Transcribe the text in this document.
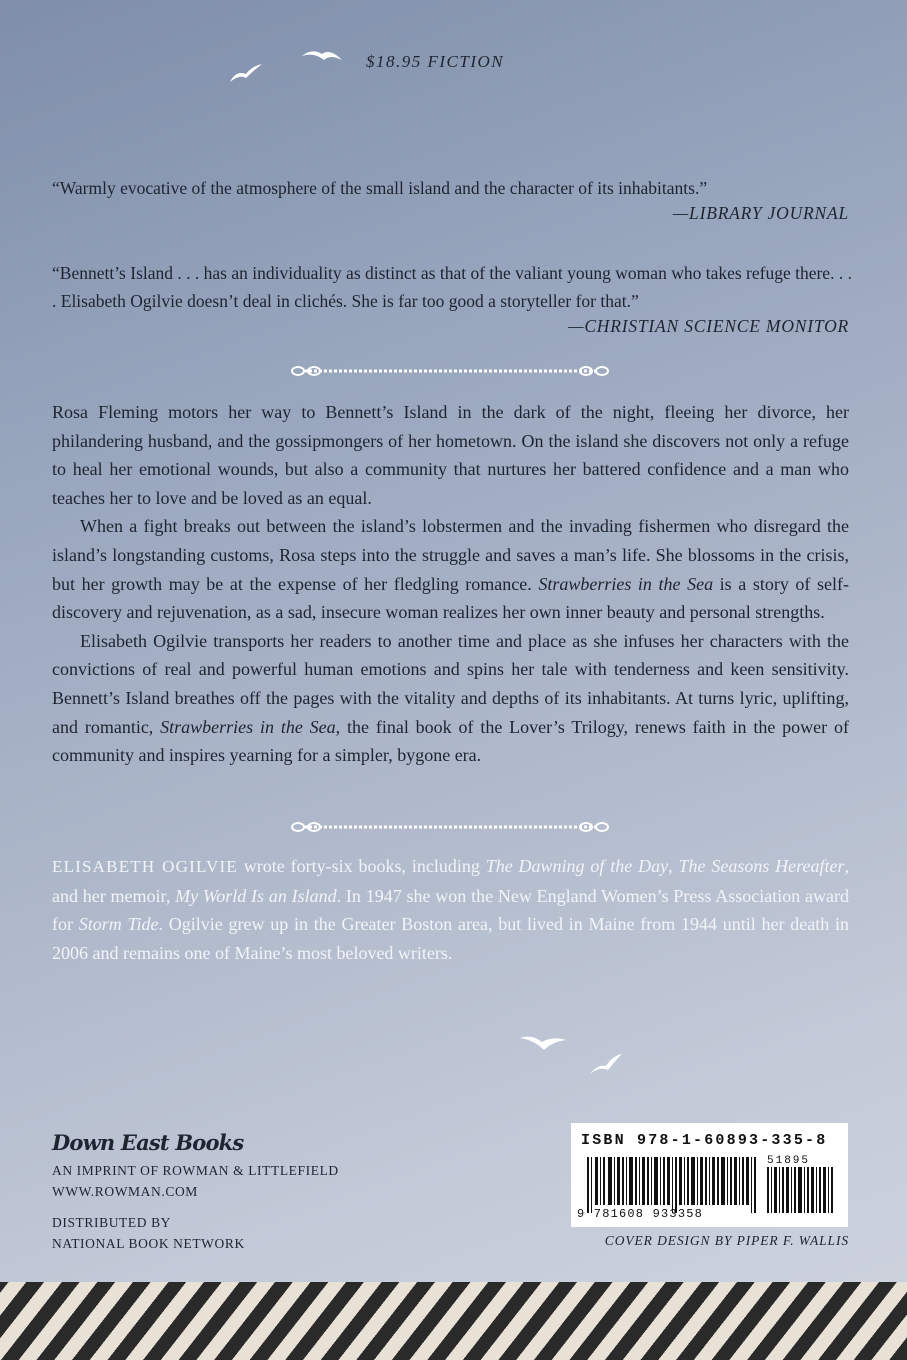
$18.95 FICTION
“Warmly evocative of the atmosphere of the small island and the character of its inhabitants.”
—LIBRARY JOURNAL
“Bennett’s Island . . . has an individuality as distinct as that of the valiant young woman who takes refuge there. . . . Elisabeth Ogilvie doesn’t deal in clichés. She is far too good a storyteller for that.”
—CHRISTIAN SCIENCE MONITOR

Rosa Fleming motors her way to Bennett’s Island in the dark of the night, fleeing her divorce, her philandering husband, and the gossipmongers of her hometown. On the island she discovers not only a refuge to heal her emotional wounds, but also a community that nurtures her battered confidence and a man who teaches her to love and be loved as an equal.

When a fight breaks out between the island’s lobstermen and the invading fishermen who disregard the island’s longstanding customs, Rosa steps into the struggle and saves a man’s life. She blossoms in the crisis, but her growth may be at the expense of her fledgling romance. Strawberries in the Sea is a story of self-discovery and rejuvenation, as a sad, insecure woman realizes her own inner beauty and personal strengths.

Elisabeth Ogilvie transports her readers to another time and place as she infuses her characters with the convictions of real and powerful human emotions and spins her tale with tenderness and keen sensitivity. Bennett’s Island breathes off the pages with the vitality and depths of its inhabitants. At turns lyric, uplifting, and romantic, Strawberries in the Sea, the final book of the Lover’s Trilogy, renews faith in the power of community and inspires yearning for a simpler, bygone era.

ELISABETH OGILVIE wrote forty-six books, including The Dawning of the Day, The Seasons Hereafter, and her memoir, My World Is an Island. In 1947 she won the New England Women’s Press Association award for Storm Tide. Ogilvie grew up in the Greater Boston area, but lived in Maine from 1944 until her death in 2006 and remains one of Maine’s most beloved writers.
Down East Books
AN IMPRINT OF ROWMAN & LITTLEFIELD
WWW.ROWMAN.COM
DISTRIBUTED BY
NATIONAL BOOK NETWORK
ISBN 978-1-60893-335-8
51895
9 781608 933358
COVER DESIGN BY PIPER F. WALLIS
